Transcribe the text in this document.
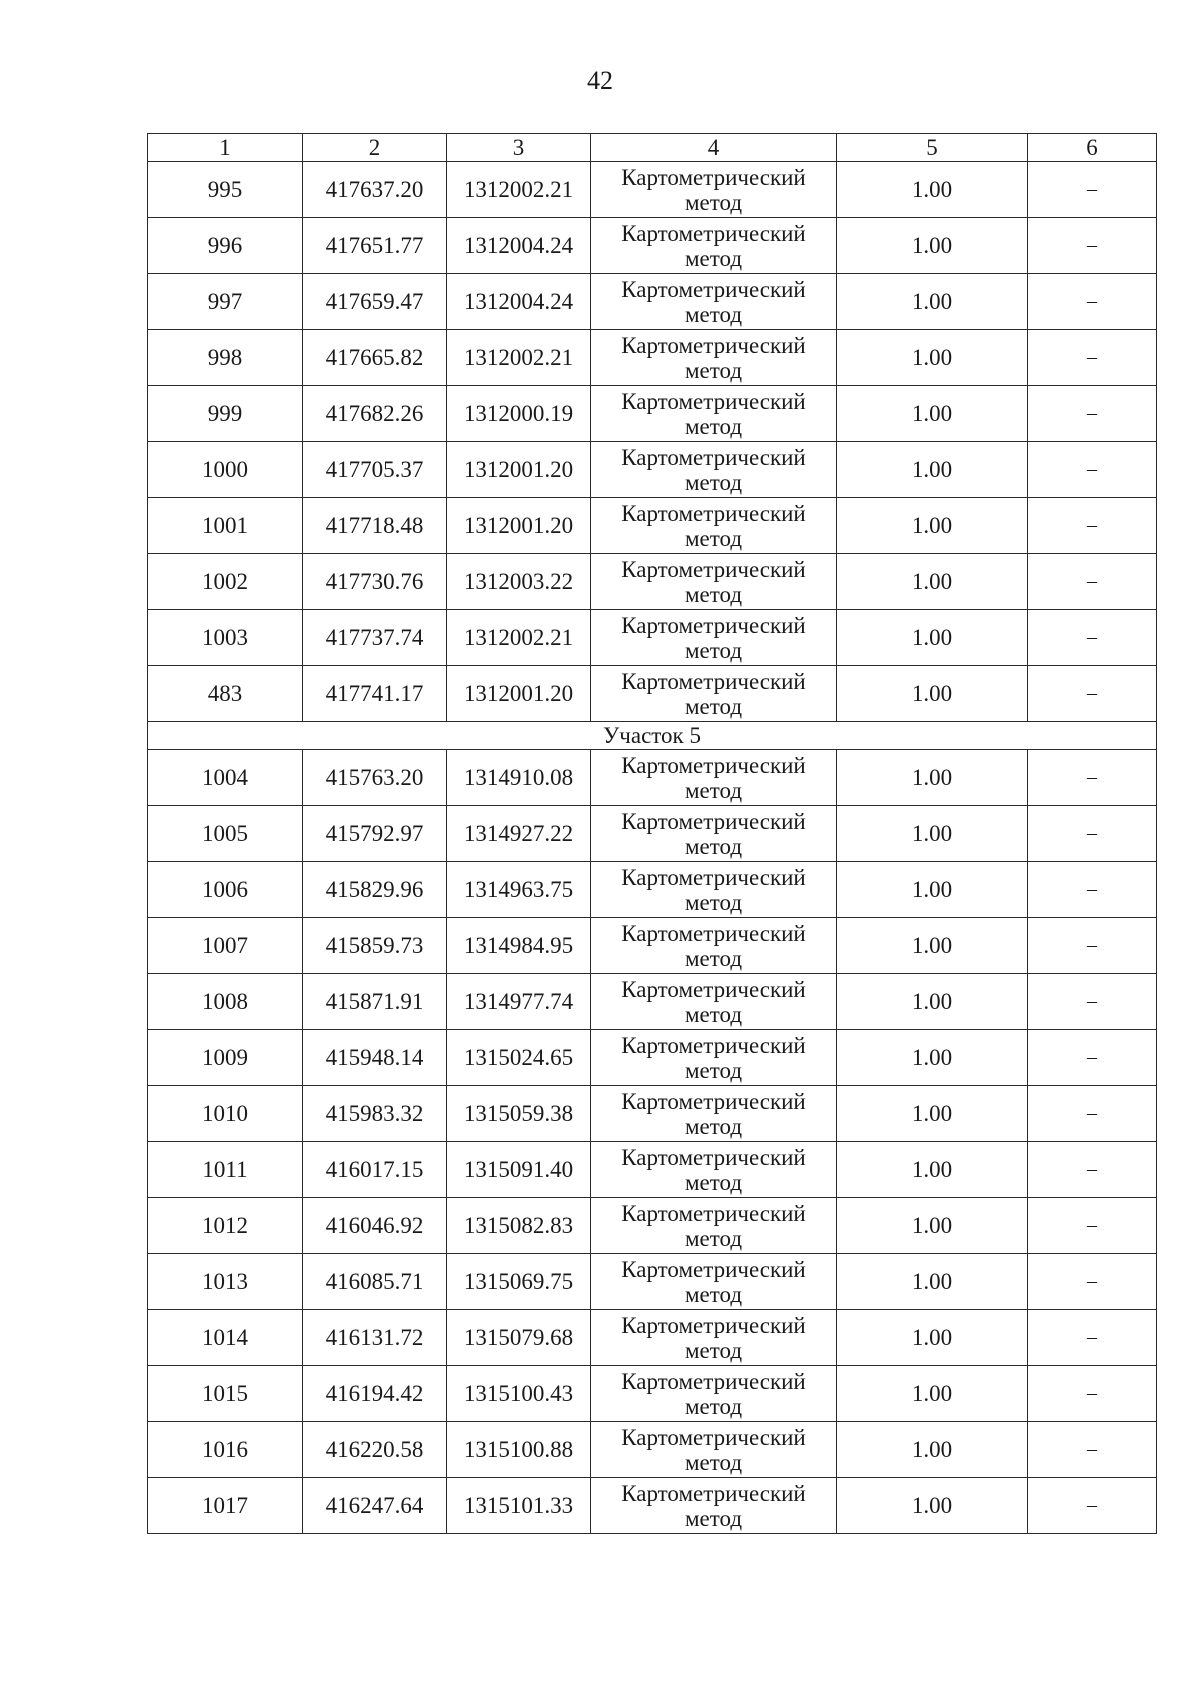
42
1	2	3	4	5	6
995	417637.20	1312002.21	Картометрический метод	1.00	–
996	417651.77	1312004.24	Картометрический метод	1.00	–
997	417659.47	1312004.24	Картометрический метод	1.00	–
998	417665.82	1312002.21	Картометрический метод	1.00	–
999	417682.26	1312000.19	Картометрический метод	1.00	–
1000	417705.37	1312001.20	Картометрический метод	1.00	–
1001	417718.48	1312001.20	Картометрический метод	1.00	–
1002	417730.76	1312003.22	Картометрический метод	1.00	–
1003	417737.74	1312002.21	Картометрический метод	1.00	–
483	417741.17	1312001.20	Картометрический метод	1.00	–
Участок 5					
1004	415763.20	1314910.08	Картометрический метод	1.00	–
1005	415792.97	1314927.22	Картометрический метод	1.00	–
1006	415829.96	1314963.75	Картометрический метод	1.00	–
1007	415859.73	1314984.95	Картометрический метод	1.00	–
1008	415871.91	1314977.74	Картометрический метод	1.00	–
1009	415948.14	1315024.65	Картометрический метод	1.00	–
1010	415983.32	1315059.38	Картометрический метод	1.00	–
1011	416017.15	1315091.40	Картометрический метод	1.00	–
1012	416046.92	1315082.83	Картометрический метод	1.00	–
1013	416085.71	1315069.75	Картометрический метод	1.00	–
1014	416131.72	1315079.68	Картометрический метод	1.00	–
1015	416194.42	1315100.43	Картометрический метод	1.00	–
1016	416220.58	1315100.88	Картометрический метод	1.00	–
1017	416247.64	1315101.33	Картометрический метод	1.00	–
